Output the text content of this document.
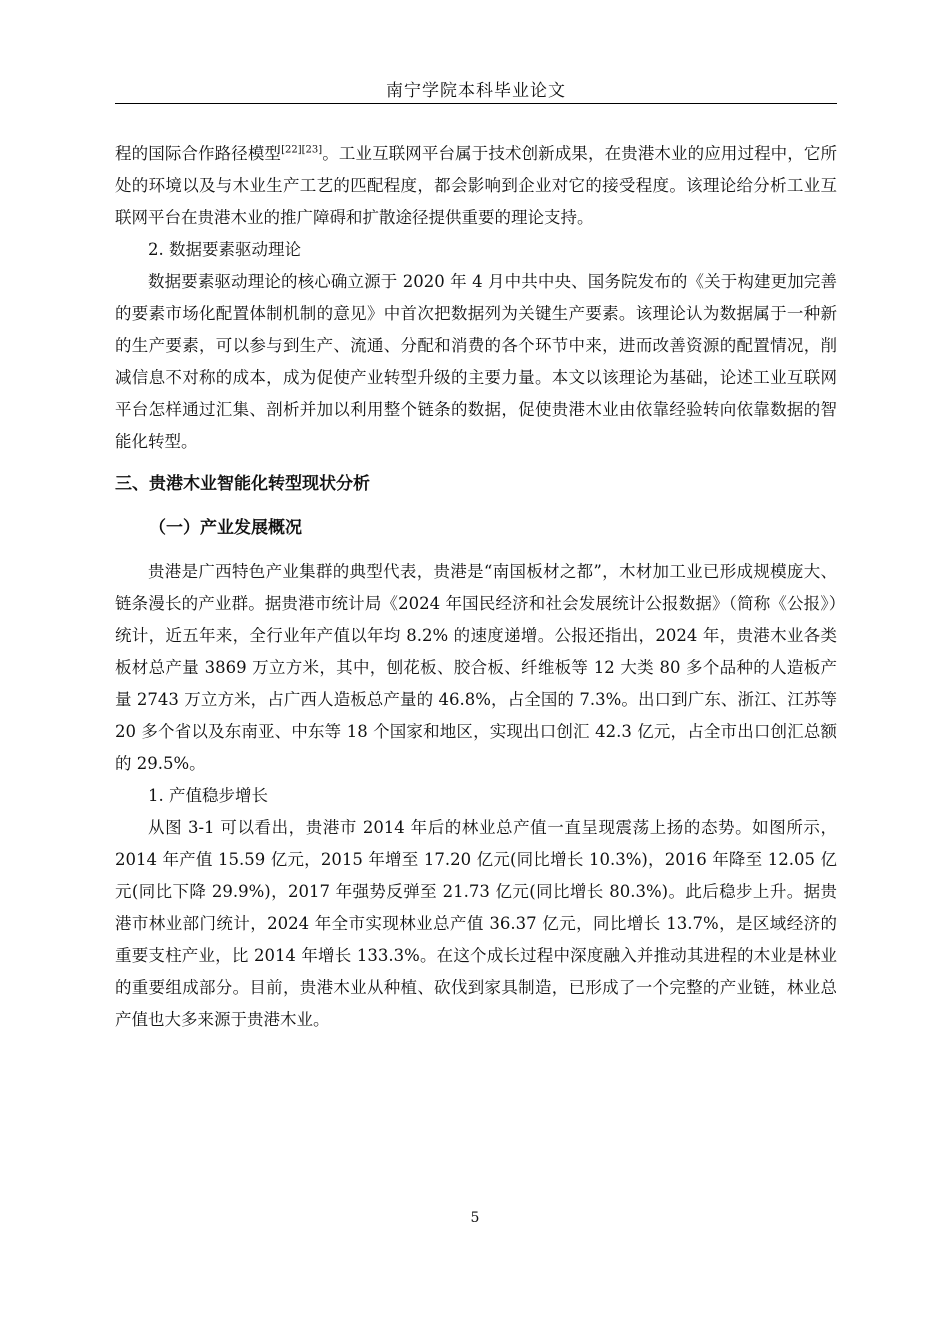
南宁学院本科毕业论文

程的国际合作路径模型[22][23]。工业互联网平台属于技术创新成果，在贵港木业的应用过程中，它所处的环境以及与木业生产工艺的匹配程度，都会影响到企业对它的接受程度。该理论给分析工业互联网平台在贵港木业的推广障碍和扩散途径提供重要的理论支持。

2. 数据要素驱动理论

数据要素驱动理论的核心确立源于 2020 年 4 月中共中央、国务院发布的《关于构建更加完善的要素市场化配置体制机制的意见》中首次把数据列为关键生产要素。该理论认为数据属于一种新的生产要素，可以参与到生产、流通、分配和消费的各个环节中来，进而改善资源的配置情况，削减信息不对称的成本，成为促使产业转型升级的主要力量。本文以该理论为基础，论述工业互联网平台怎样通过汇集、剖析并加以利用整个链条的数据，促使贵港木业由依靠经验转向依靠数据的智能化转型。

三、贵港木业智能化转型现状分析

（一）产业发展概况

贵港是广西特色产业集群的典型代表，贵港是“南国板材之都”，木材加工业已形成规模庞大、链条漫长的产业群。据贵港市统计局《2024 年国民经济和社会发展统计公报数据》（简称《公报》）统计，近五年来，全行业年产值以年均 8.2% 的速度递增。公报还指出，2024 年，贵港木业各类板材总产量 3869 万立方米，其中，刨花板、胶合板、纤维板等 12 大类 80 多个品种的人造板产量 2743 万立方米，占广西人造板总产量的 46.8%，占全国的 7.3%。出口到广东、浙江、江苏等 20 多个省以及东南亚、中东等 18 个国家和地区，实现出口创汇 42.3 亿元，占全市出口创汇总额的 29.5%。

1. 产值稳步增长

从图 3-1 可以看出，贵港市 2014 年后的林业总产值一直呈现震荡上扬的态势。如图所示，2014 年产值 15.59 亿元，2015 年增至 17.20 亿元(同比增长 10.3%)，2016 年降至 12.05 亿元(同比下降 29.9%)，2017 年强势反弹至 21.73 亿元(同比增长 80.3%)。此后稳步上升。据贵港市林业部门统计，2024 年全市实现林业总产值 36.37 亿元，同比增长 13.7%，是区域经济的重要支柱产业，比 2014 年增长 133.3%。在这个成长过程中深度融入并推动其进程的木业是林业的重要组成部分。目前，贵港木业从种植、砍伐到家具制造，已形成了一个完整的产业链，林业总产值也大多来源于贵港木业。

5
